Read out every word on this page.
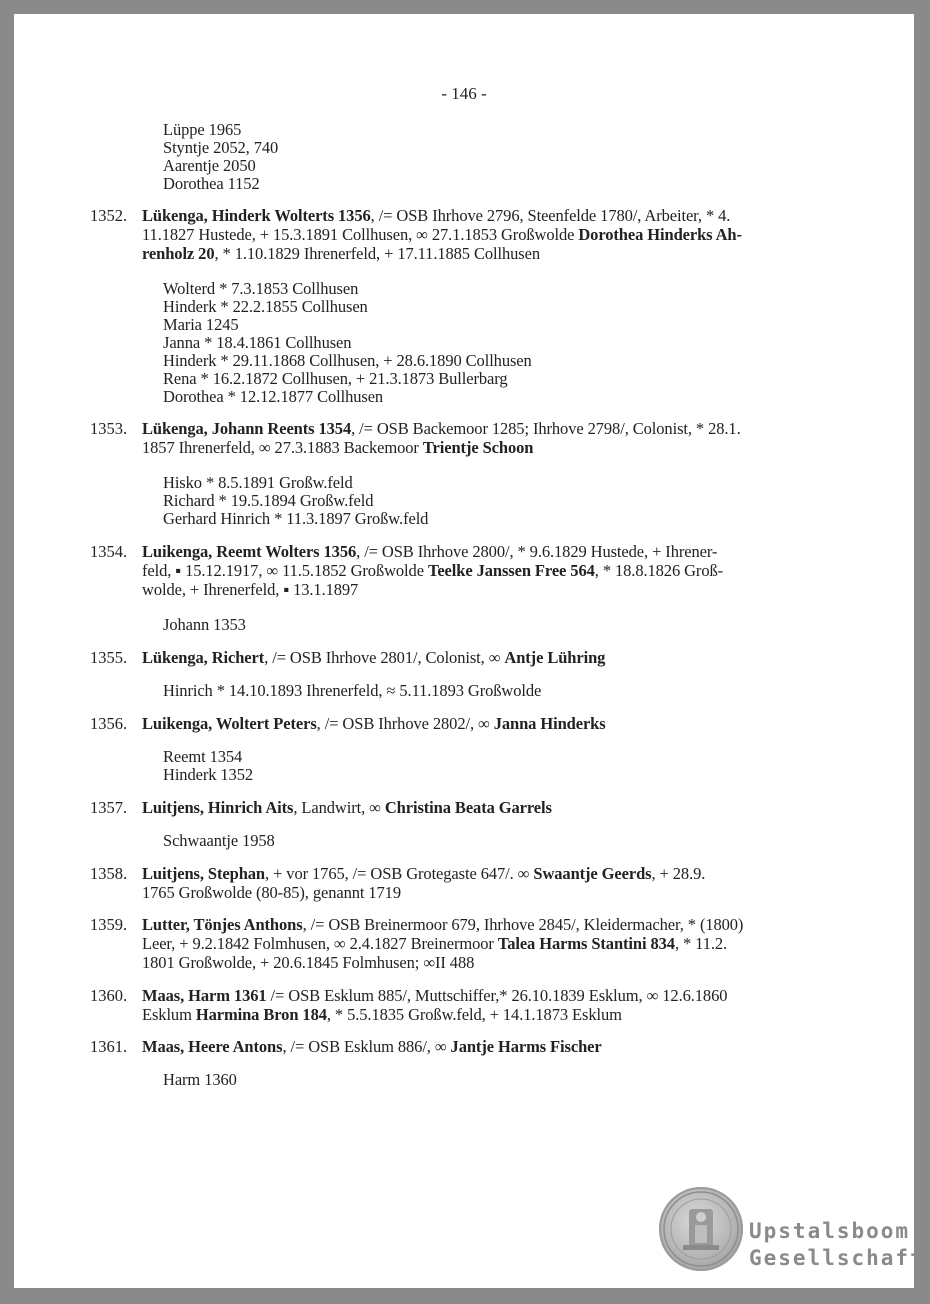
- 146 -
Lüppe 1965
Styntje 2052, 740
Aarentje 2050
Dorothea 1152
1352. Lükenga, Hinderk Wolterts 1356, /= OSB Ihrhove 2796, Steenfelde 1780/, Arbeiter, * 4.
11.1827 Hustede, + 15.3.1891 Collhusen, ∞ 27.1.1853 Großwolde Dorothea Hinderks Ah-
renholz 20, * 1.10.1829 Ihrenerfeld, + 17.11.1885 Collhusen
Wolterd * 7.3.1853 Collhusen
Hinderk * 22.2.1855 Collhusen
Maria 1245
Janna * 18.4.1861 Collhusen
Hinderk * 29.11.1868 Collhusen, + 28.6.1890 Collhusen
Rena * 16.2.1872 Collhusen, + 21.3.1873 Bullerbarg
Dorothea * 12.12.1877 Collhusen
1353. Lükenga, Johann Reents 1354, /= OSB Backemoor 1285; Ihrhove 2798/, Colonist, * 28.1.
1857 Ihrenerfeld, ∞ 27.3.1883 Backemoor Trientje Schoon
Hisko * 8.5.1891 Großw.feld
Richard * 19.5.1894 Großw.feld
Gerhard Hinrich * 11.3.1897 Großw.feld
1354. Luikenga, Reemt Wolters 1356, /= OSB Ihrhove 2800/, * 9.6.1829 Hustede, + Ihrener-
feld, ▪ 15.12.1917, ∞ 11.5.1852 Großwolde Teelke Janssen Free 564, * 18.8.1826 Groß-
wolde, + Ihrenerfeld, ▪ 13.1.1897
Johann 1353
1355. Lükenga, Richert, /= OSB Ihrhove 2801/, Colonist, ∞ Antje Lühring
Hinrich * 14.10.1893 Ihrenerfeld, ≈ 5.11.1893 Großwolde
1356. Luikenga, Woltert Peters, /= OSB Ihrhove 2802/, ∞ Janna Hinderks
Reemt 1354
Hinderk 1352
1357. Luitjens, Hinrich Aits, Landwirt, ∞ Christina Beata Garrels
Schwaantje 1958
1358. Luitjens, Stephan, + vor 1765, /= OSB Grotegaste 647/. ∞ Swaantje Geerds, + 28.9.
1765 Großwolde (80-85), genannt 1719
1359. Lutter, Tönjes Anthons, /= OSB Breinermoor 679, Ihrhove 2845/, Kleidermacher, * (1800)
Leer, + 9.2.1842 Folmhusen, ∞ 2.4.1827 Breinermoor Talea Harms Stantini 834, * 11.2.
1801 Großwolde, + 20.6.1845 Folmhusen; ∞II 488
1360. Maas, Harm 1361 /= OSB Esklum 885/, Muttschiffer,* 26.10.1839 Esklum, ∞ 12.6.1860
Esklum Harmina Bron 184, * 5.5.1835 Großw.feld, + 14.1.1873 Esklum
1361. Maas, Heere Antons, /= OSB Esklum 886/, ∞ Jantje Harms Fischer
Harm 1360
Upstalsboom
Gesellschaft
